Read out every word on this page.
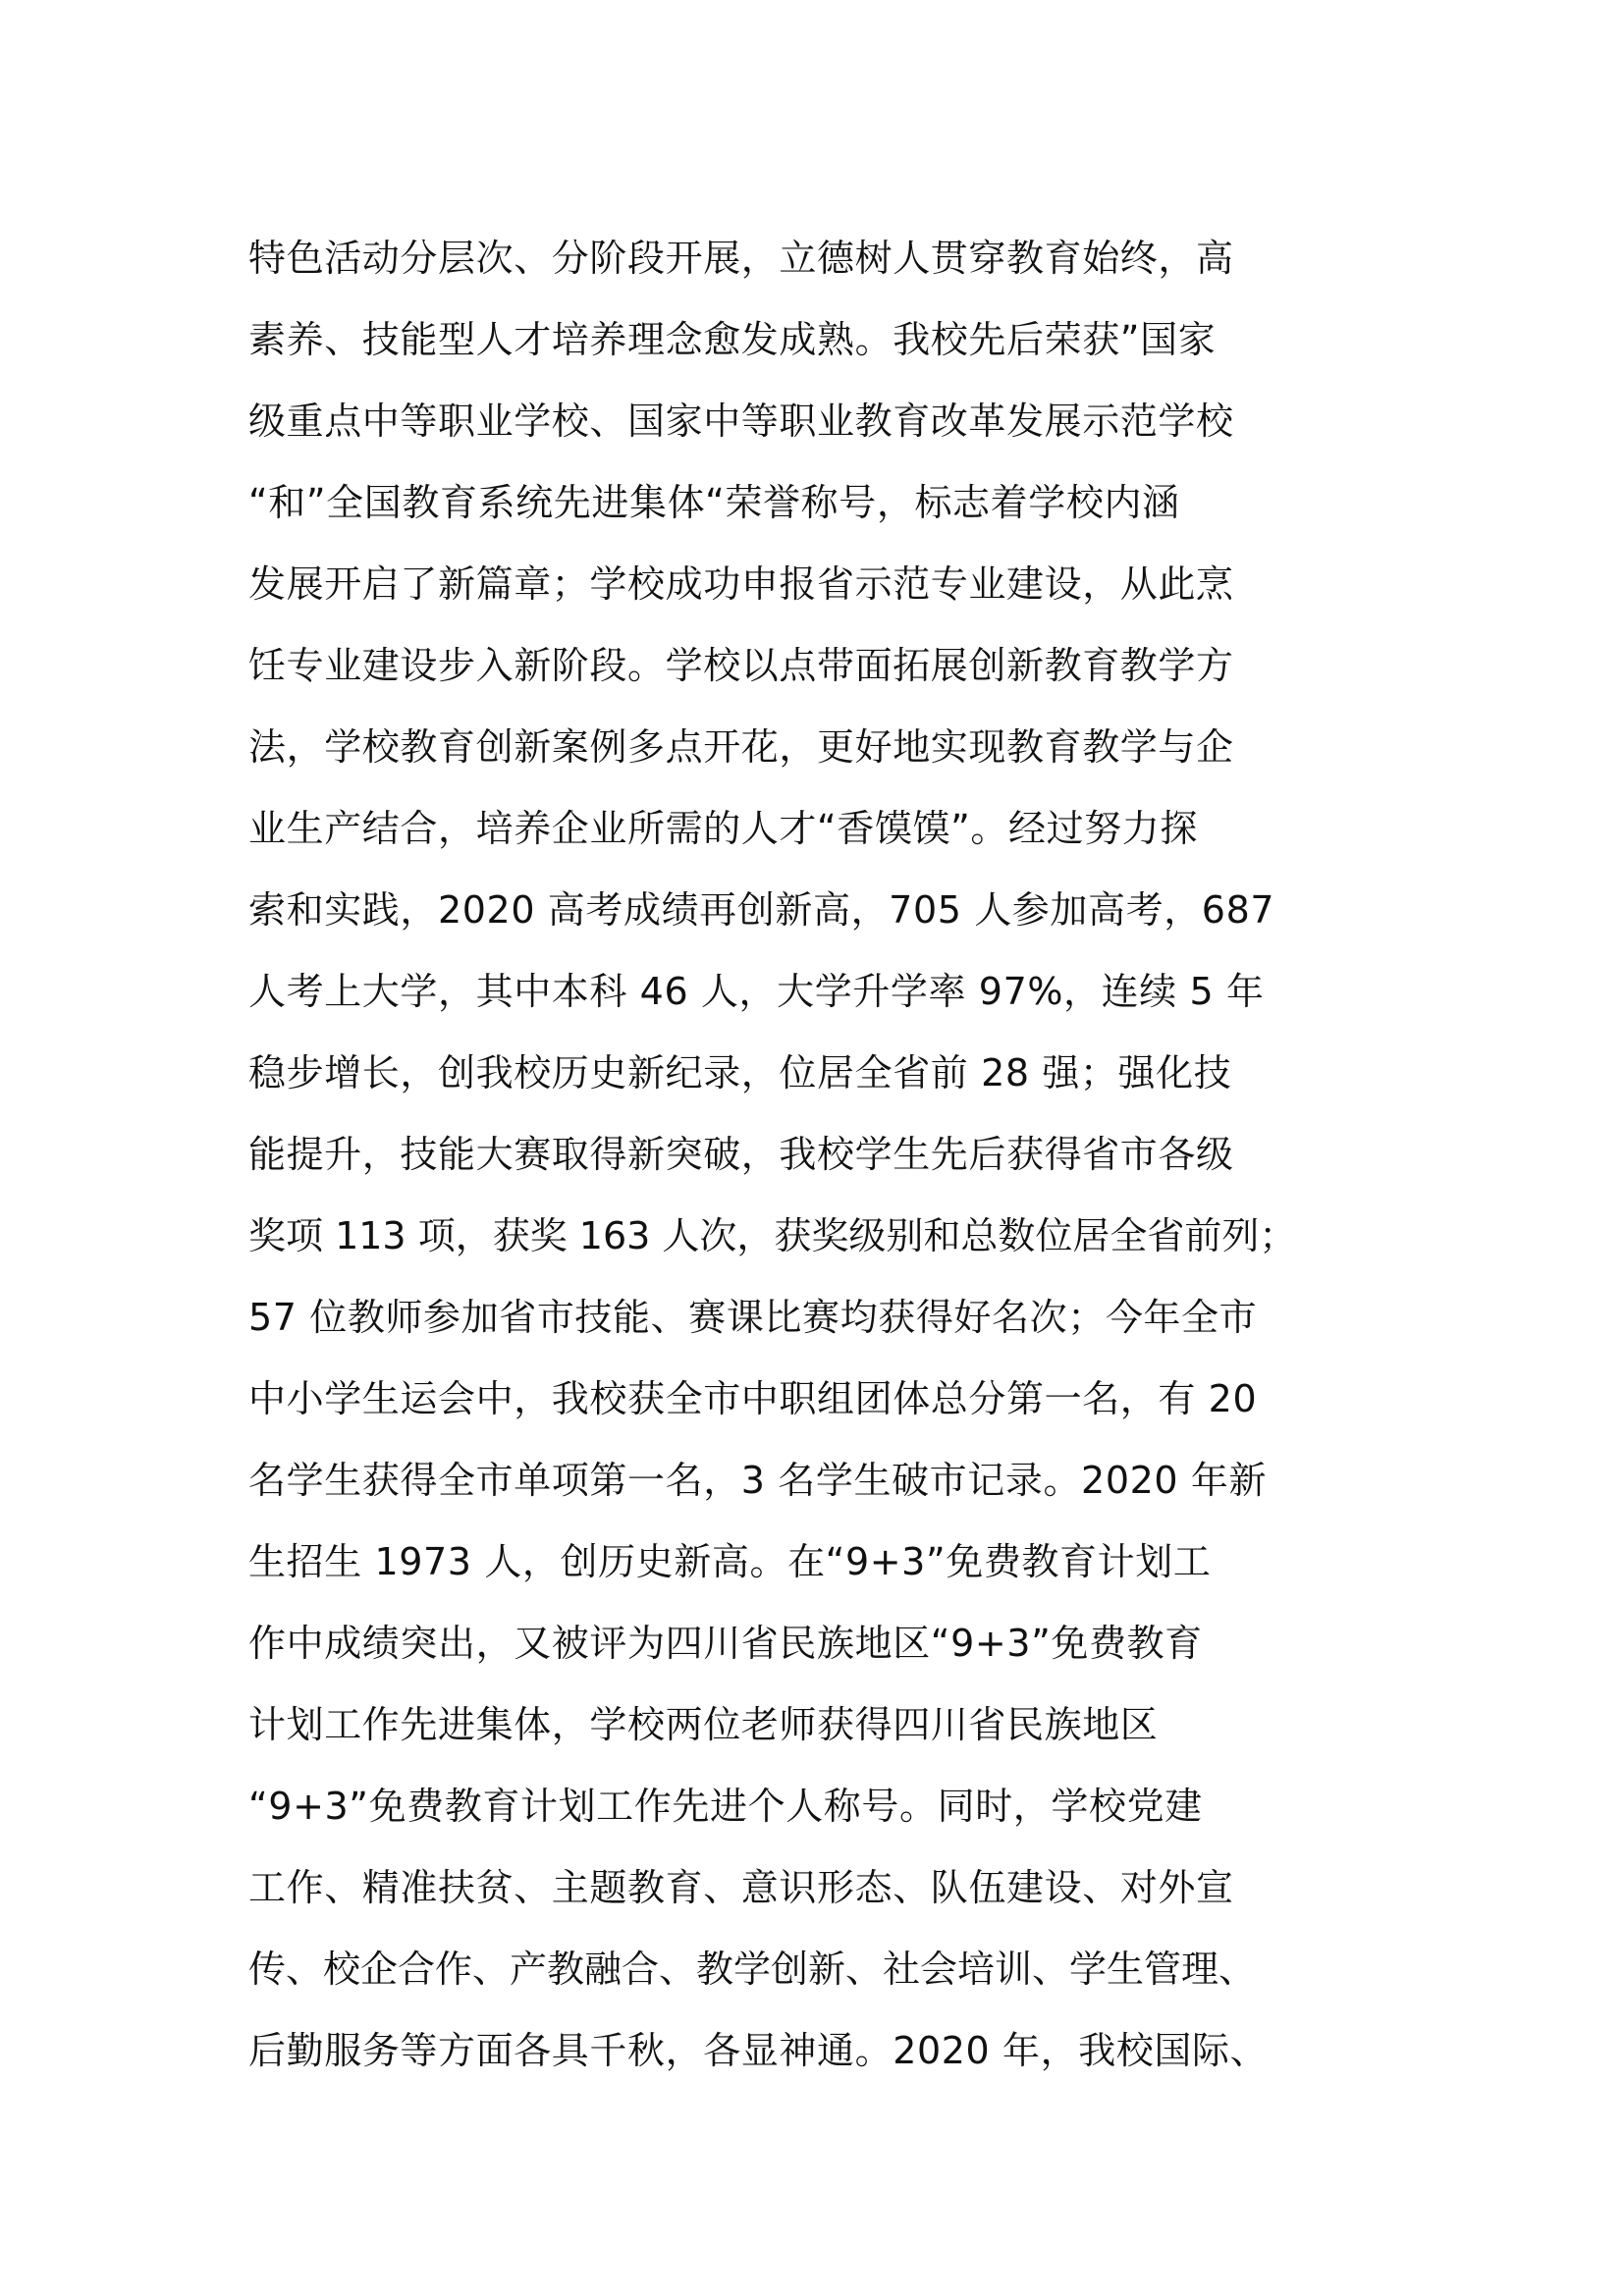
特色活动分层次、分阶段开展，立德树人贯穿教育始终，高
素养、技能型人才培养理念愈发成熟。我校先后荣获”国家
级重点中等职业学校、国家中等职业教育改革发展示范学校
“和”全国教育系统先进集体“荣誉称号，标志着学校内涵
发展开启了新篇章；学校成功申报省示范专业建设，从此烹
饪专业建设步入新阶段。学校以点带面拓展创新教育教学方
法，学校教育创新案例多点开花，更好地实现教育教学与企
业生产结合，培养企业所需的人才“香馍馍”。经过努力探
索和实践，2020 高考成绩再创新高，705 人参加高考，687
人考上大学，其中本科 46 人，大学升学率 97%，连续 5 年
稳步增长，创我校历史新纪录，位居全省前 28 强；强化技
能提升，技能大赛取得新突破，我校学生先后获得省市各级
奖项 113 项，获奖 163 人次，获奖级别和总数位居全省前列；
57 位教师参加省市技能、赛课比赛均获得好名次；今年全市
中小学生运会中，我校获全市中职组团体总分第一名，有 20
名学生获得全市单项第一名，3 名学生破市记录。2020 年新
生招生 1973 人，创历史新高。在“9+3”免费教育计划工
作中成绩突出，又被评为四川省民族地区“9+3”免费教育
计划工作先进集体，学校两位老师获得四川省民族地区
“9+3”免费教育计划工作先进个人称号。同时，学校党建
工作、精准扶贫、主题教育、意识形态、队伍建设、对外宣
传、校企合作、产教融合、教学创新、社会培训、学生管理、
后勤服务等方面各具千秋，各显神通。2020 年，我校国际、
